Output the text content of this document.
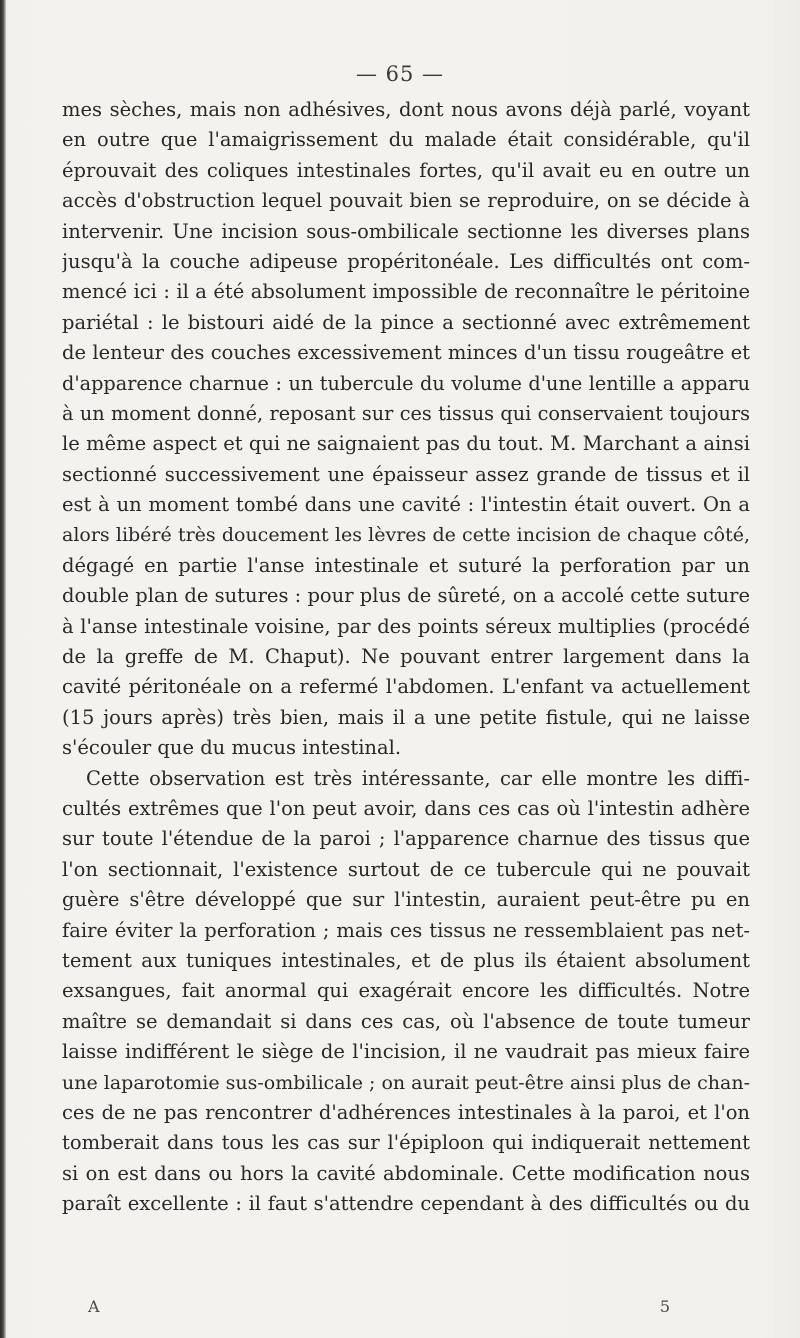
— 65 —
mes sèches, mais non adhésives, dont nous avons déjà parlé, voyant
en outre que l'amaigrissement du malade était considérable, qu'il
éprouvait des coliques intestinales fortes, qu'il avait eu en outre un
accès d'obstruction lequel pouvait bien se reproduire, on se décide à
intervenir. Une incision sous-ombilicale sectionne les diverses plans
jusqu'à la couche adipeuse propéritonéale. Les difficultés ont com-
mencé ici : il a été absolument impossible de reconnaître le péritoine
pariétal : le bistouri aidé de la pince a sectionné avec extrêmement
de lenteur des couches excessivement minces d'un tissu rougeâtre et
d'apparence charnue : un tubercule du volume d'une lentille a apparu
à un moment donné, reposant sur ces tissus qui conservaient toujours
le même aspect et qui ne saignaient pas du tout. M. Marchant a ainsi
sectionné successivement une épaisseur assez grande de tissus et il
est à un moment tombé dans une cavité : l'intestin était ouvert. On a
alors libéré très doucement les lèvres de cette incision de chaque côté,
dégagé en partie l'anse intestinale et suturé la perforation par un
double plan de sutures : pour plus de sûreté, on a accolé cette suture
à l'anse intestinale voisine, par des points séreux multiplies (procédé
de la greffe de M. Chaput). Ne pouvant entrer largement dans la
cavité péritonéale on a refermé l'abdomen. L'enfant va actuellement
(15 jours après) très bien, mais il a une petite fistule, qui ne laisse
s'écouler que du mucus intestinal.
Cette observation est très intéressante, car elle montre les diffi-
cultés extrêmes que l'on peut avoir, dans ces cas où l'intestin adhère
sur toute l'étendue de la paroi ; l'apparence charnue des tissus que
l'on sectionnait, l'existence surtout de ce tubercule qui ne pouvait
guère s'être développé que sur l'intestin, auraient peut-être pu en
faire éviter la perforation ; mais ces tissus ne ressemblaient pas net-
tement aux tuniques intestinales, et de plus ils étaient absolument
exsangues, fait anormal qui exagérait encore les difficultés. Notre
maître se demandait si dans ces cas, où l'absence de toute tumeur
laisse indifférent le siège de l'incision, il ne vaudrait pas mieux faire
une laparotomie sus-ombilicale ; on aurait peut-être ainsi plus de chan-
ces de ne pas rencontrer d'adhérences intestinales à la paroi, et l'on
tomberait dans tous les cas sur l'épiploon qui indiquerait nettement
si on est dans ou hors la cavité abdominale. Cette modification nous
paraît excellente : il faut s'attendre cependant à des difficultés ou du
A	5
